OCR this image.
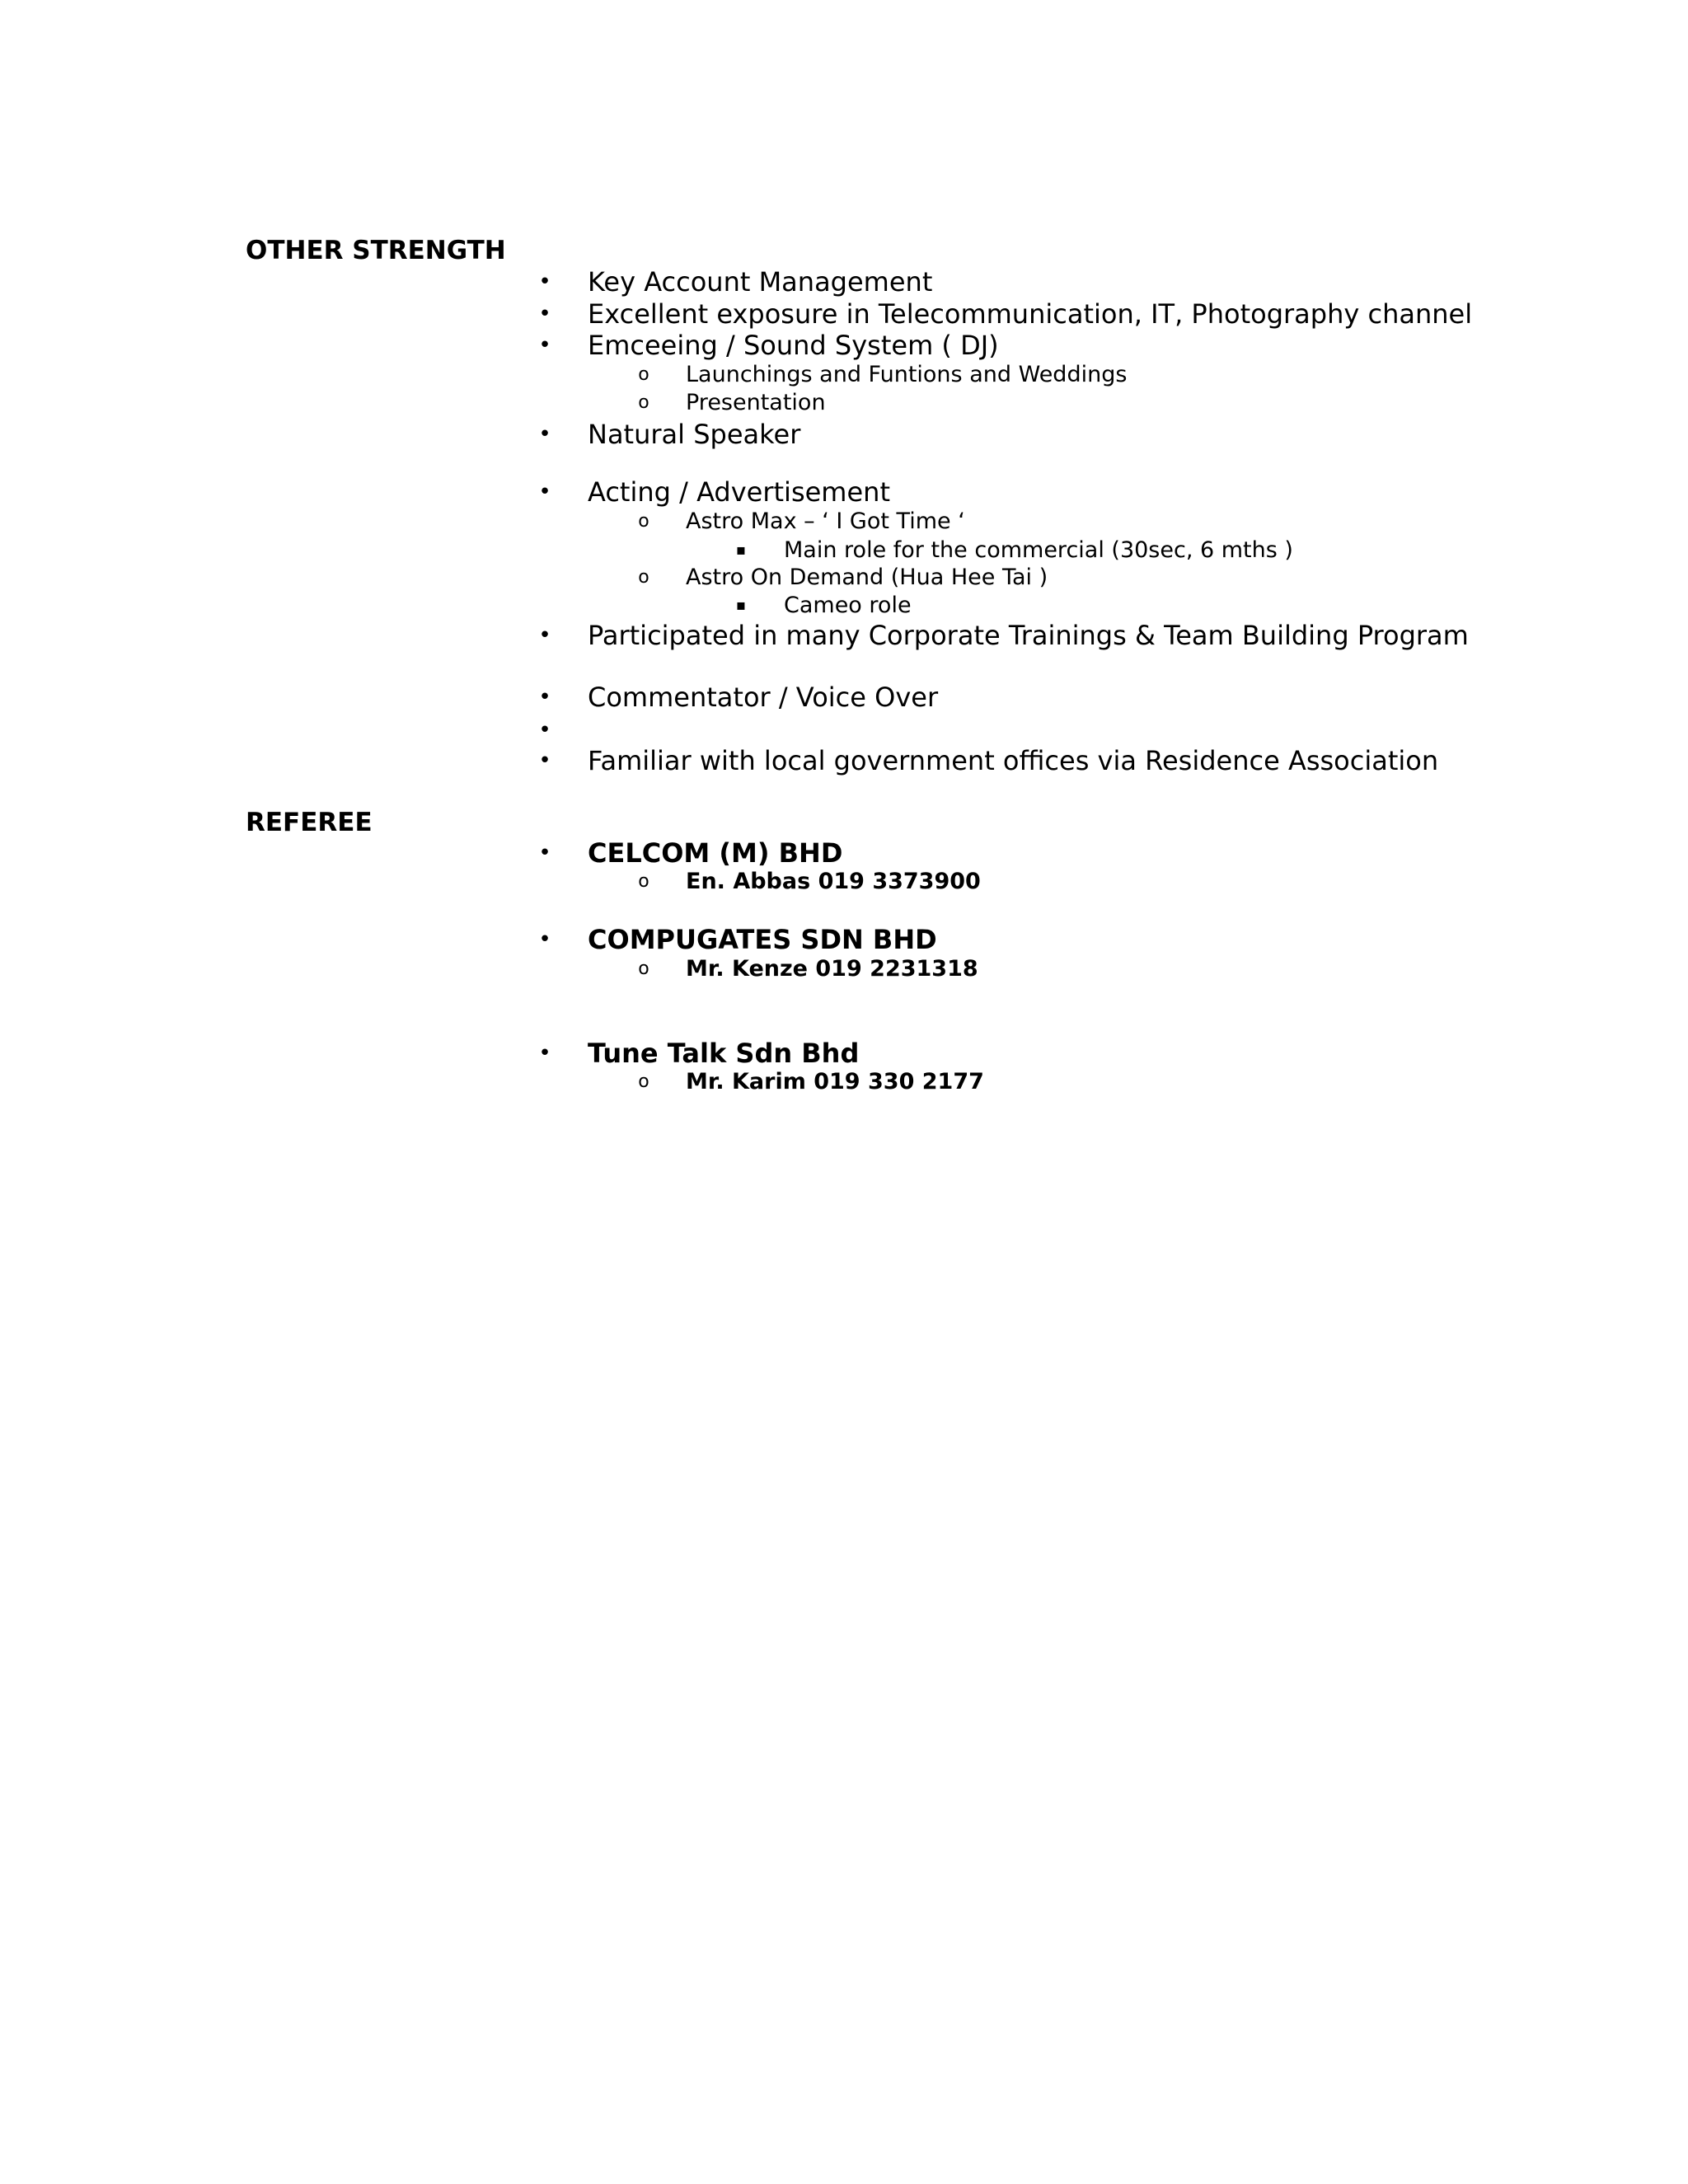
OTHER STRENGTH
• Key Account Management
• Excellent exposure in Telecommunication, IT, Photography channel
• Emceeing / Sound System ( DJ)
o	Launchings and Funtions and Weddings
o	Presentation
• Natural Speaker
• Acting / Advertisement
o	Astro Max – ‘ I Got Time ‘
▪	Main role for the commercial (30sec, 6 mths )
o	Astro On Demand (Hua Hee Tai )
▪	Cameo role
• Participated in many Corporate Trainings & Team Building Program
• Commentator / Voice Over
•
• Familiar with local government offices via Residence Association
REFEREE
• CELCOM (M) BHD
o	En. Abbas 019 3373900
• COMPUGATES SDN BHD
o	Mr. Kenze 019 2231318
• Tune Talk Sdn Bhd
o	Mr. Karim 019 330 2177
